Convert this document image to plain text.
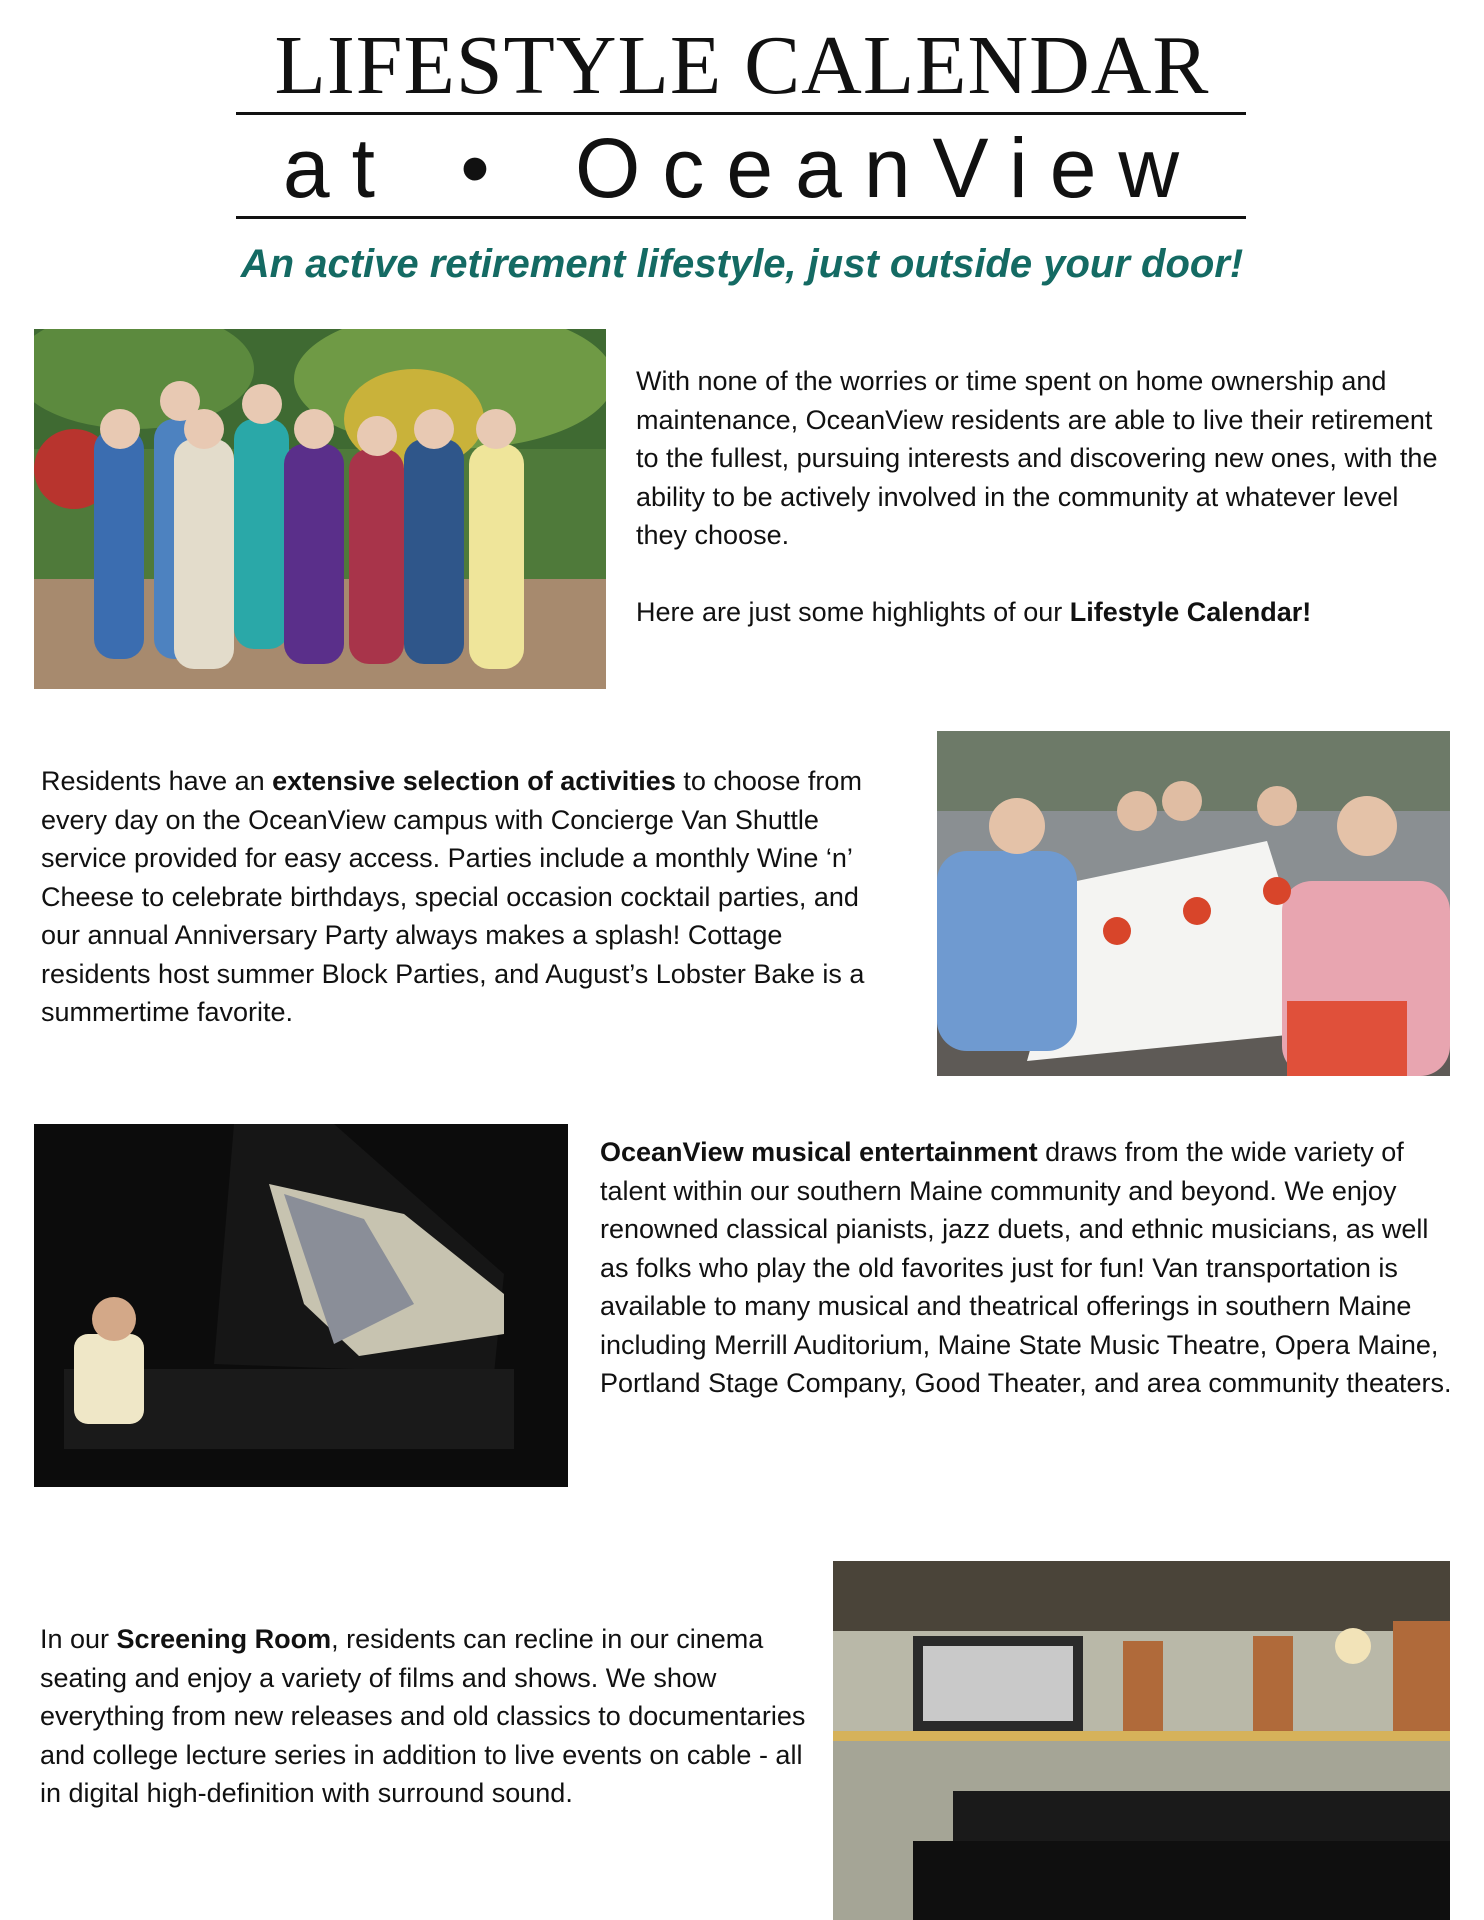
LIFESTYLE CALENDAR
at • OceanView
An active retirement lifestyle, just outside your door!

With none of the worries or time spent on home ownership and maintenance, OceanView residents are able to live their retirement to the fullest, pursuing interests and discovering new ones, with the ability to be actively involved in the community at whatever level they choose.

Here are just some highlights of our Lifestyle Calendar!

Residents have an extensive selection of activities to choose from every day on the OceanView campus with Concierge Van Shuttle service provided for easy access. Parties include a monthly Wine ‘n’ Cheese to celebrate birthdays, special occasion cocktail parties, and our annual Anniversary Party always makes a splash! Cottage residents host summer Block Parties, and August’s Lobster Bake is a summertime favorite.

OceanView musical entertainment draws from the wide variety of talent within our southern Maine community and beyond. We enjoy renowned classical pianists, jazz duets, and ethnic musicians, as well as folks who play the old favorites just for fun! Van transportation is available to many musical and theatrical offerings in southern Maine including Merrill Auditorium, Maine State Music Theatre, Opera Maine, Portland Stage Company, Good Theater, and area community theaters.

In our Screening Room, residents can recline in our cinema seating and enjoy a variety of films and shows. We show everything from new releases and old classics to documentaries and college lecture series in addition to live events on cable - all in digital high-definition with surround sound.
